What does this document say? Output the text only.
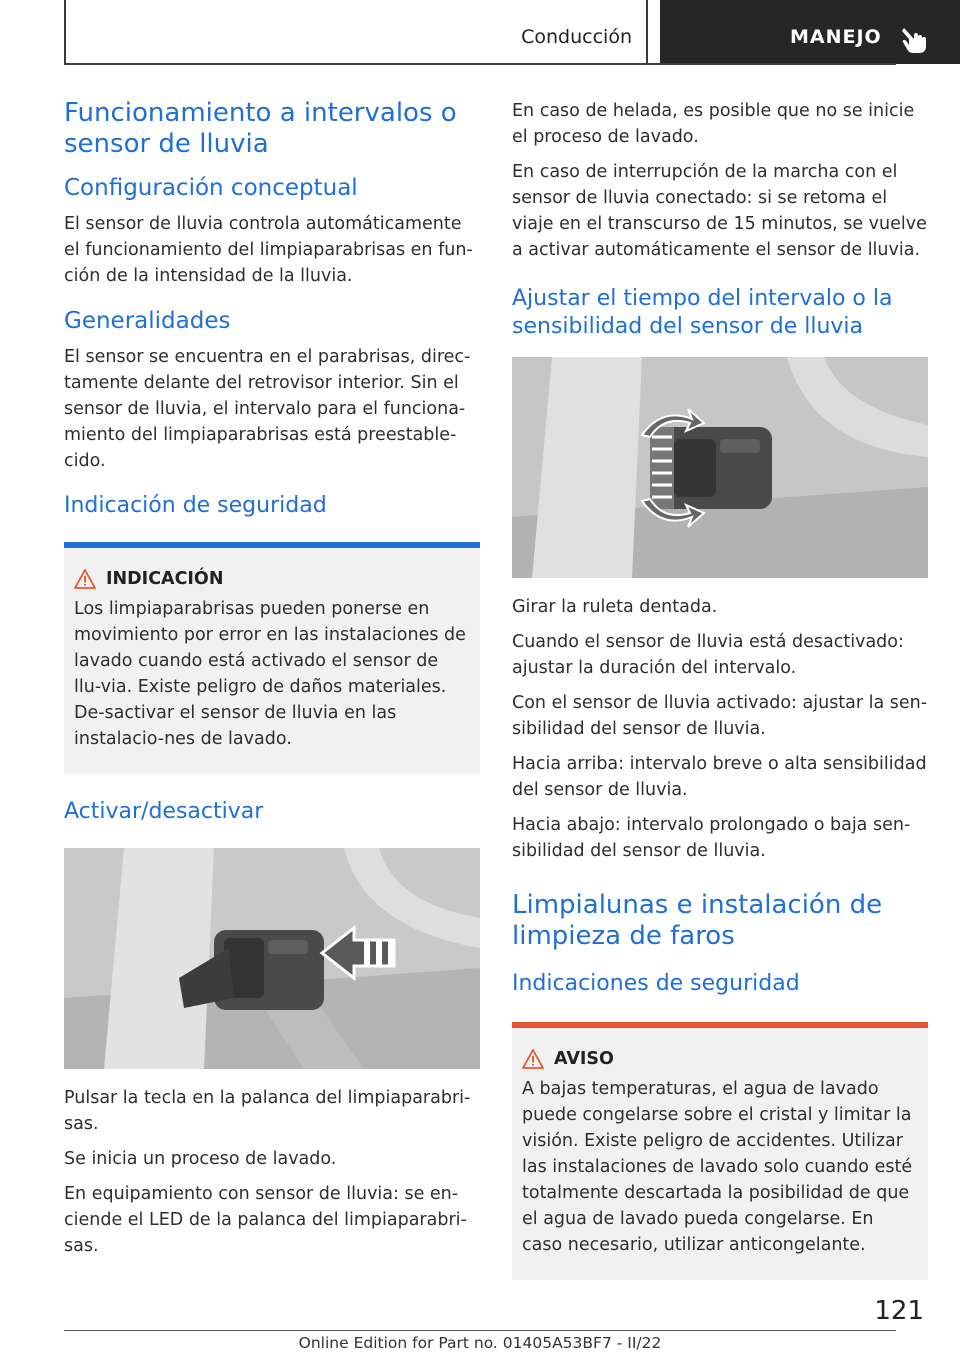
Conducción	MANEJO
Funcionamiento a intervalos o sensor de lluvia
Configuración conceptual

El sensor de lluvia controla automáticamente el funcionamiento del limpiaparabrisas en fun-ción de la intensidad de la lluvia.

Generalidades

El sensor se encuentra en el parabrisas, direc-tamente delante del retrovisor interior. Sin el sensor de lluvia, el intervalo para el funciona-miento del limpiaparabrisas está preestable-cido.

Indicación de seguridad
INDICACIÓN

Los limpiaparabrisas pueden ponerse en movimiento por error en las instalaciones de lavado cuando está activado el sensor de llu-via. Existe peligro de daños materiales. De-sactivar el sensor de lluvia en las instalacio-nes de lavado.

Activar/desactivar

Pulsar la tecla en la palanca del limpiaparabri-sas.

Se inicia un proceso de lavado.

En equipamiento con sensor de lluvia: se en-ciende el LED de la palanca del limpiaparabri-sas.

En caso de helada, es posible que no se inicie el proceso de lavado.

En caso de interrupción de la marcha con el sensor de lluvia conectado: si se retoma el viaje en el transcurso de 15 minutos, se vuelve a activar automáticamente el sensor de lluvia.

Ajustar el tiempo del intervalo o la sensibilidad del sensor de lluvia

Girar la ruleta dentada.

Cuando el sensor de lluvia está desactivado: ajustar la duración del intervalo.

Con el sensor de lluvia activado: ajustar la sen-sibilidad del sensor de lluvia.

Hacia arriba: intervalo breve o alta sensibilidad del sensor de lluvia.

Hacia abajo: intervalo prolongado o baja sen-sibilidad del sensor de lluvia.

Limpialunas e instalación de limpieza de faros
Indicaciones de seguridad
AVISO

A bajas temperaturas, el agua de lavado puede congelarse sobre el cristal y limitar la visión. Existe peligro de accidentes. Utilizar las instalaciones de lavado solo cuando esté totalmente descartada la posibilidad de que el agua de lavado pueda congelarse. En caso necesario, utilizar anticongelante.

121
Online Edition for Part no. 01405A53BF7 - II/22
